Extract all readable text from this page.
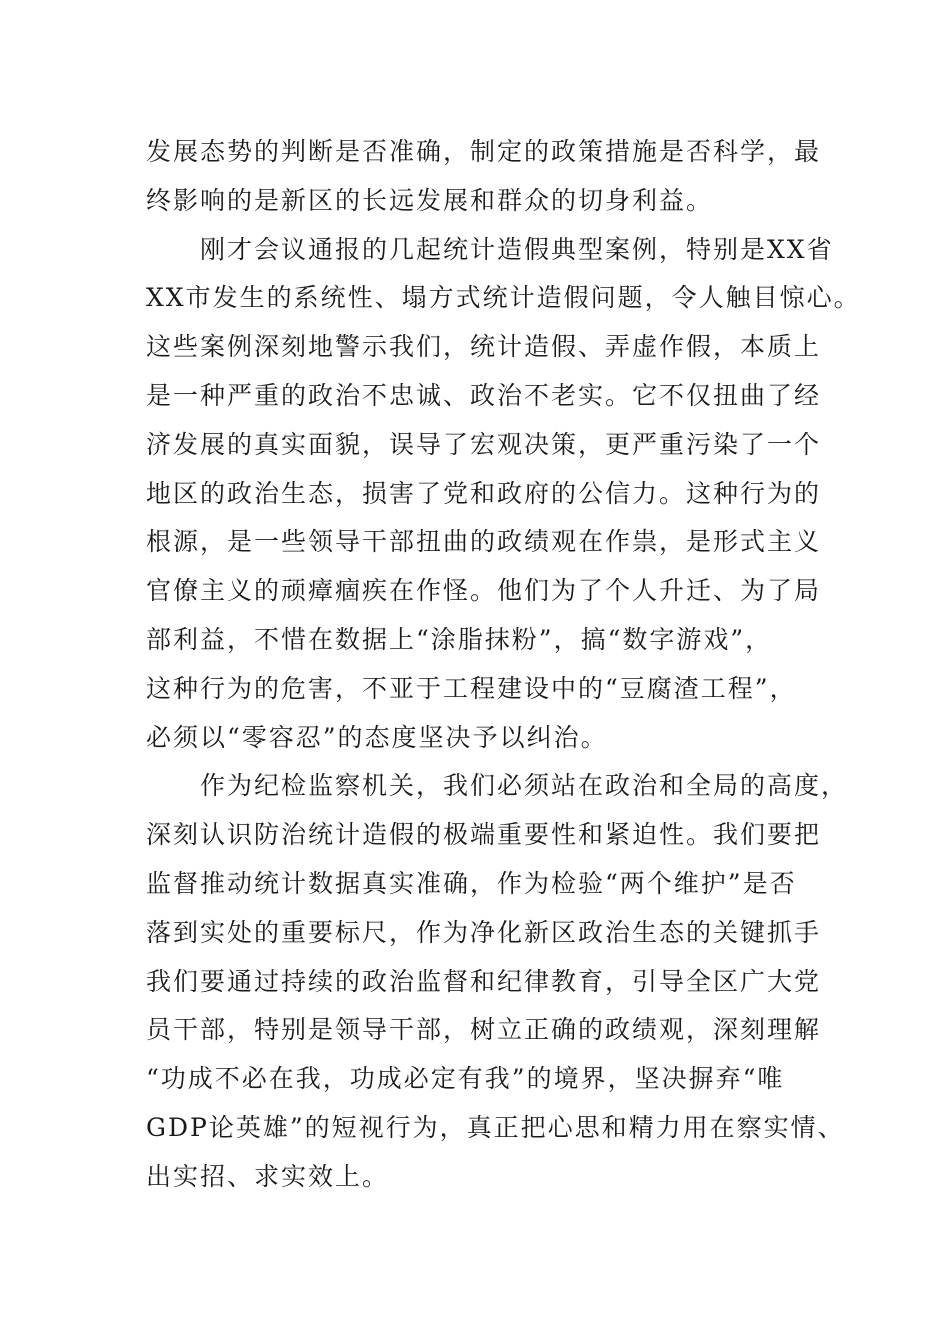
发展态势的判断是否准确，制定的政策措施是否科学，最
终影响的是新区的长远发展和群众的切身利益。
刚才会议通报的几起统计造假典型案例，特别是XX省
XX市发生的系统性、塌方式统计造假问题，令人触目惊心。
这些案例深刻地警示我们，统计造假、弄虚作假，本质上
是一种严重的政治不忠诚、政治不老实。它不仅扭曲了经
济发展的真实面貌，误导了宏观决策，更严重污染了一个
地区的政治生态，损害了党和政府的公信力。这种行为的
根源，是一些领导干部扭曲的政绩观在作祟，是形式主义
官僚主义的顽瘴痼疾在作怪。他们为了个人升迁、为了局
部利益，不惜在数据上“涂脂抹粉”，搞“数字游戏”，
这种行为的危害，不亚于工程建设中的“豆腐渣工程”，
必须以“零容忍”的态度坚决予以纠治。
作为纪检监察机关，我们必须站在政治和全局的高度，
深刻认识防治统计造假的极端重要性和紧迫性。我们要把
监督推动统计数据真实准确，作为检验“两个维护”是否
落到实处的重要标尺，作为净化新区政治生态的关键抓手
我们要通过持续的政治监督和纪律教育，引导全区广大党
员干部，特别是领导干部，树立正确的政绩观，深刻理解
“功成不必在我，功成必定有我”的境界，坚决摒弃“唯
GDP论英雄”的短视行为，真正把心思和精力用在察实情、
出实招、求实效上。
